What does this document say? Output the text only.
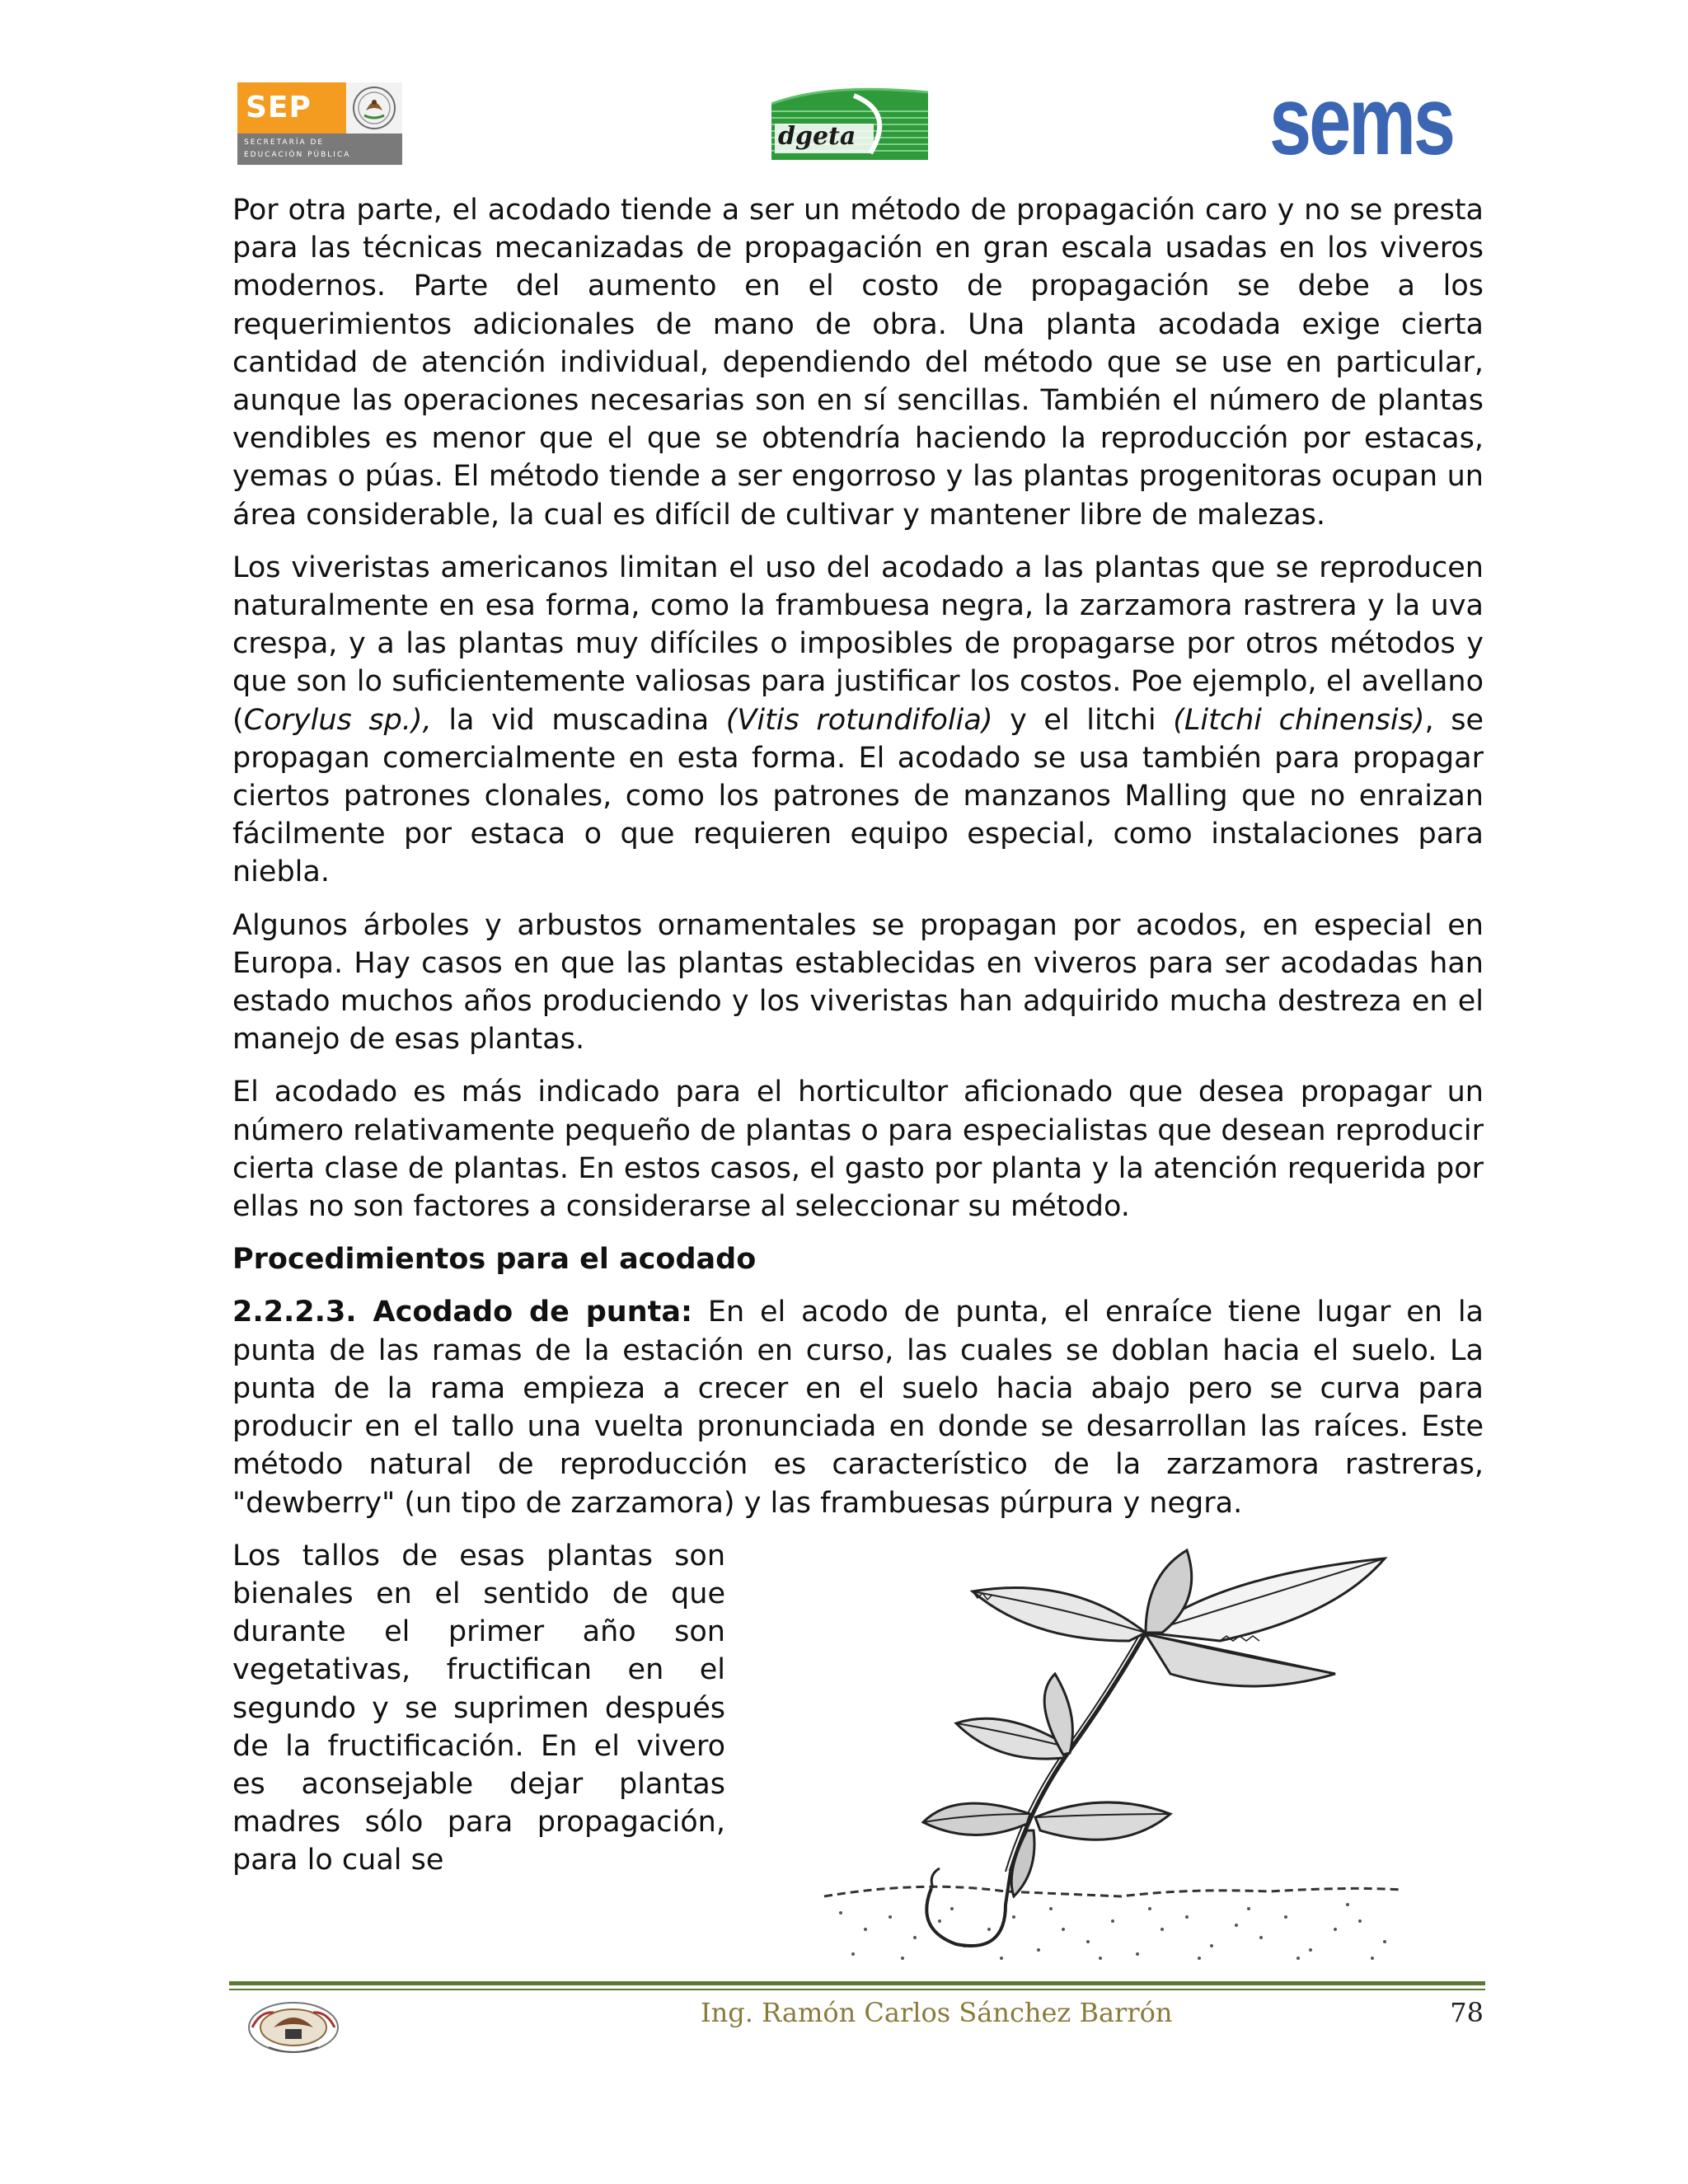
SEP
SECRETARÍA DE
EDUCACIÓN PÚBLICA
dgeta	sems

Por otra parte, el acodado tiende a ser un método de propagación caro y no se presta para las técnicas mecanizadas de propagación en gran escala usadas en los viveros modernos. Parte del aumento en el costo de propagación se debe a los requerimientos adicionales de mano de obra. Una planta acodada exige cierta cantidad de atención individual, dependiendo del método que se use en particular, aunque las operaciones necesarias son en sí sencillas. También el número de plantas vendibles es menor que el que se obtendría haciendo la reproducción por estacas, yemas o púas. El método tiende a ser engorroso y las plantas progenitoras ocupan un área considerable, la cual es difícil de cultivar y mantener libre de malezas.

Los viveristas americanos limitan el uso del acodado a las plantas que se reproducen naturalmente en esa forma, como la frambuesa negra, la zarzamora rastrera y la uva crespa, y a las plantas muy difíciles o imposibles de propagarse por otros métodos y que son lo suficientemente valiosas para justificar los costos. Poe ejemplo, el avellano (Corylus sp.), la vid muscadina (Vitis rotundifolia) y el litchi (Litchi chinensis), se propagan comercialmente en esta forma. El acodado se usa también para propagar ciertos patrones clonales, como los patrones de manzanos Malling que no enraizan fácilmente por estaca o que requieren equipo especial, como instalaciones para niebla.

Algunos árboles y arbustos ornamentales se propagan por acodos, en especial en Europa. Hay casos en que las plantas establecidas en viveros para ser acodadas han estado muchos años produciendo y los viveristas han adquirido mucha destreza en el manejo de esas plantas.

El acodado es más indicado para el horticultor aficionado que desea propagar un número relativamente pequeño de plantas o para especialistas que desean reproducir cierta clase de plantas. En estos casos, el gasto por planta y la atención requerida por ellas no son factores a considerarse al seleccionar su método.

Procedimientos para el acodado

2.2.2.3. Acodado de punta: En el acodo de punta, el enraíce tiene lugar en la punta de las ramas de la estación en curso, las cuales se doblan hacia el suelo. La punta de la rama empieza a crecer en el suelo hacia abajo pero se curva para producir en el tallo una vuelta pronunciada en donde se desarrollan las raíces. Este método natural de reproducción es característico de la zarzamora rastreras, "dewberry" (un tipo de zarzamora) y las frambuesas púrpura y negra.

Los tallos de esas plantas son bienales en el sentido de que durante el primer año son vegetativas, fructifican en el segundo y se suprimen después de la fructificación. En el vivero es aconsejable dejar plantas madres sólo para propagación, para lo cual se

Ing. Ramón Carlos Sánchez Barrón	78
